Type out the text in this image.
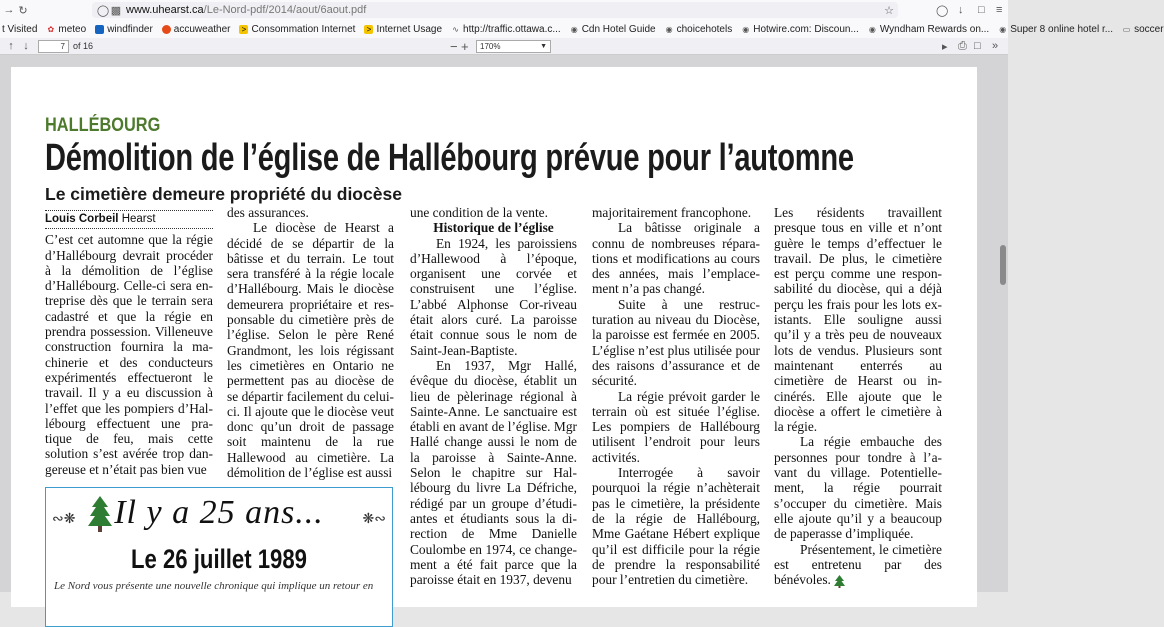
→ ↻	◯ ▩ www.uhearst.ca/Le-Nord-pdf/2014/aout/6aout.pdf	☆	◯ ↓ □ ≡
t Visited ✿ meteo windfinder accuweather > Consommation Internet > Internet Usage ∿ http://traffic.ottawa.c... ◉ Cdn Hotel Guide ◉ choicehotels ◉ Hotwire.com: Discoun... ◉ Wyndham Rewards on... ◉ Super 8 online hotel r... ▭ soccer
↑ ↓	7 of 16	− +	170%	▼	▸ ⎙ □ »
HALLÉBOURG
Démolition de l’église de Hallébourg prévue pour l’automne
Le cimetière demeure propriété du diocèse
Louis Corbeil Hearst

C’est cet automne que la régie d’Hallébourg devrait procéder à la démolition de l’église d’Hallébourg. Celle-ci sera en-treprise dès que le terrain sera cadastré et que la régie en prendra possession. Villeneuve construction fournira la ma-chinerie et des conducteurs expérimentés effectueront le travail. Il y a eu discussion à l’effet que les pompiers d’Hal-lébourg effectuent une pra-tique de feu, mais cette solution s’est avérée trop dan-gereuse et n’était pas bien vue

des assurances.

Le diocèse de Hearst a décidé de se départir de la bâtisse et du terrain. Le tout sera transféré à la régie locale d’Hallébourg. Mais le diocèse demeurera propriétaire et res-ponsable du cimetière près de l’église. Selon le père René Grandmont, les lois régissant les cimetières en Ontario ne permettent pas au diocèse de se départir facilement du celui-ci. Il ajoute que le diocèse veut donc qu’un droit de passage soit maintenu de la rue Hallewood au cimetière. La démolition de l’église est aussi

une condition de la vente.

Historique de l’église

En 1924, les paroissiens d’Hallewood à l’époque, organisent une corvée et construisent une l’église. L’abbé Alphonse Cor-riveau était alors curé. La paroisse était connue sous le nom de Saint-Jean-Baptiste.

En 1937, Mgr Hallé, évêque du diocèse, établit un lieu de pèlerinage régional à Sainte-Anne. Le sanctuaire est établi en avant de l’église. Mgr Hallé change aussi le nom de la paroisse à Sainte-Anne. Selon le chapitre sur Hal-lébourg du livre La Défriche, rédigé par un groupe d’étudi-antes et étudiants sous la di-rection de Mme Danielle Coulombe en 1974, ce change-ment a été fait parce que la paroisse était en 1937, devenu

majoritairement francophone.

La bâtisse originale a connu de nombreuses répara-tions et modifications au cours des années, mais l’emplace-ment n’a pas changé.

Suite à une restruc-turation au niveau du Diocèse, la paroisse est fermée en 2005. L’église n’est plus utilisée pour des raisons d’assurance et de sécurité.

La régie prévoit garder le terrain où est située l’église. Les pompiers de Hallébourg utilisent l’endroit pour leurs activités.

Interrogée à savoir pourquoi la régie n’achèterait pas le cimetière, la présidente de la régie de Hallébourg, Mme Gaétane Hébert explique qu’il est difficile pour la régie de prendre la responsabilité pour l’entretien du cimetière.

Les résidents travaillent presque tous en ville et n’ont guère le temps d’effectuer le travail. De plus, le cimetière est perçu comme une respon-sabilité du diocèse, qui a déjà perçu les frais pour les lots ex-istants. Elle souligne aussi qu’il y a très peu de nouveaux lots de vendus. Plusieurs sont maintenant enterrés au cimetière de Hearst ou in-cinérés. Elle ajoute que le diocèse a offert le cimetière à la régie.

La régie embauche des personnes pour tondre à l’a-vant du village. Potentielle-ment, la régie pourrait s’occuper du cimetière. Mais elle ajoute qu’il y a beaucoup de paperasse d’impliquée.

Présentement, le cimetière est entretenu par des bénévoles.

∾❋	Il y a 25 ans...	❋∾
Le 26 juillet 1989
Le Nord vous présente une nouvelle chronique qui implique un retour en
